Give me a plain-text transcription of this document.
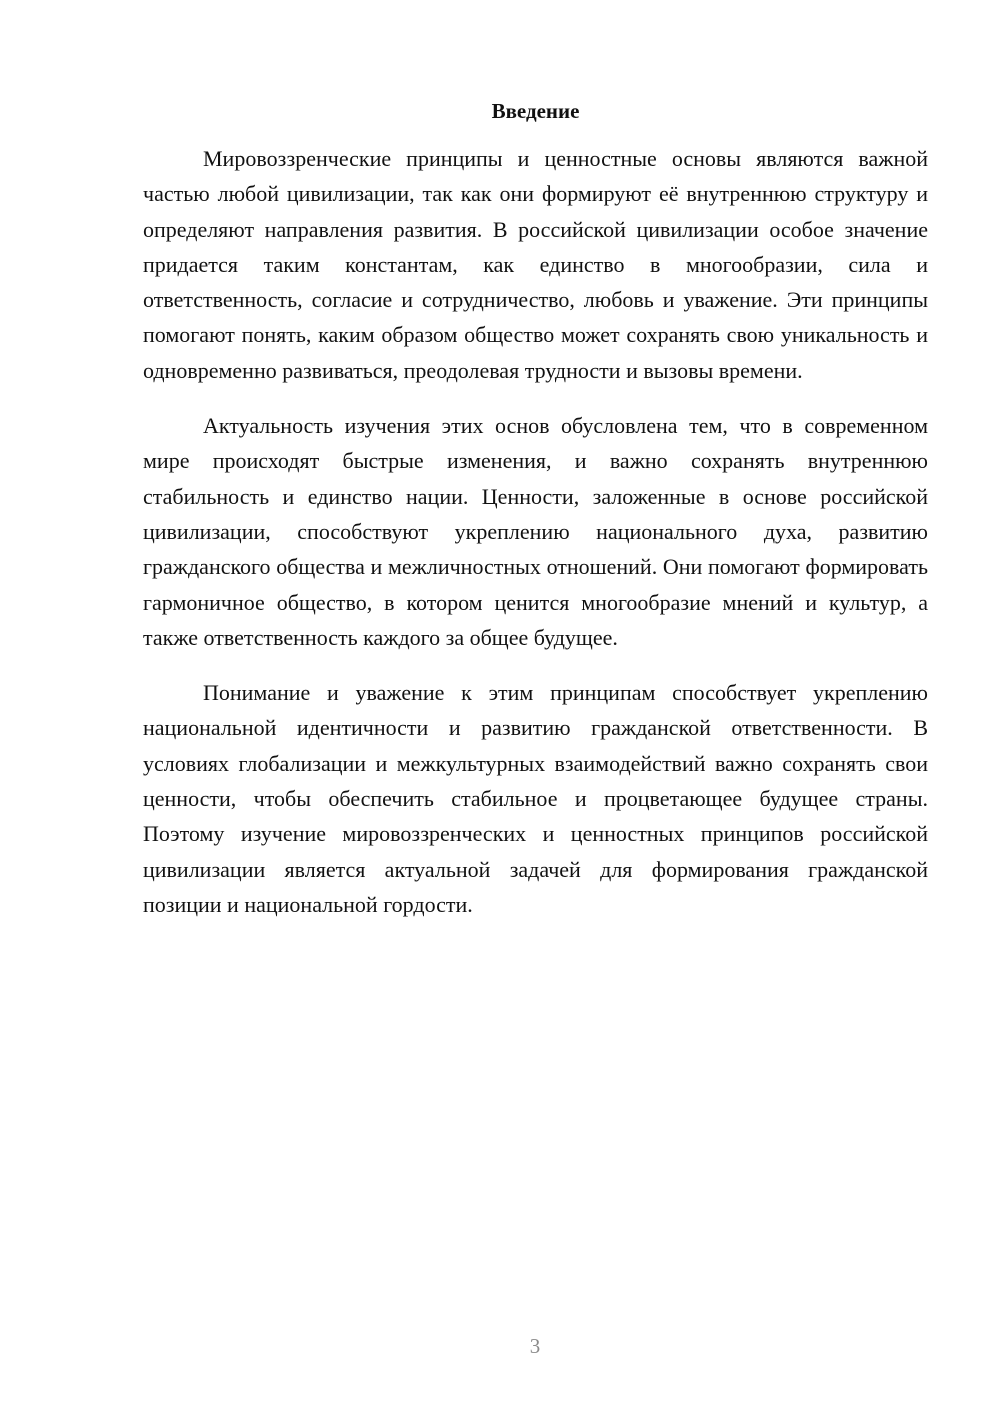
Введение

Мировоззренческие принципы и ценностные основы являются важной частью любой цивилизации, так как они формируют её внутреннюю структуру и определяют направления развития. В российской цивилизации особое значение придается таким константам, как единство в многообразии, сила и ответственность, согласие и сотрудничество, любовь и уважение. Эти принципы помогают понять, каким образом общество может сохранять свою уникальность и одновременно развиваться, преодолевая трудности и вызовы времени.

Актуальность изучения этих основ обусловлена тем, что в современном мире происходят быстрые изменения, и важно сохранять внутреннюю стабильность и единство нации. Ценности, заложенные в основе российской цивилизации, способствуют укреплению национального духа, развитию гражданского общества и межличностных отношений. Они помогают формировать гармоничное общество, в котором ценится многообразие мнений и культур, а также ответственность каждого за общее будущее.

Понимание и уважение к этим принципам способствует укреплению национальной идентичности и развитию гражданской ответственности. В условиях глобализации и межкультурных взаимодействий важно сохранять свои ценности, чтобы обеспечить стабильное и процветающее будущее страны. Поэтому изучение мировоззренческих и ценностных принципов российской цивилизации является актуальной задачей для формирования гражданской позиции и национальной гордости.

3
